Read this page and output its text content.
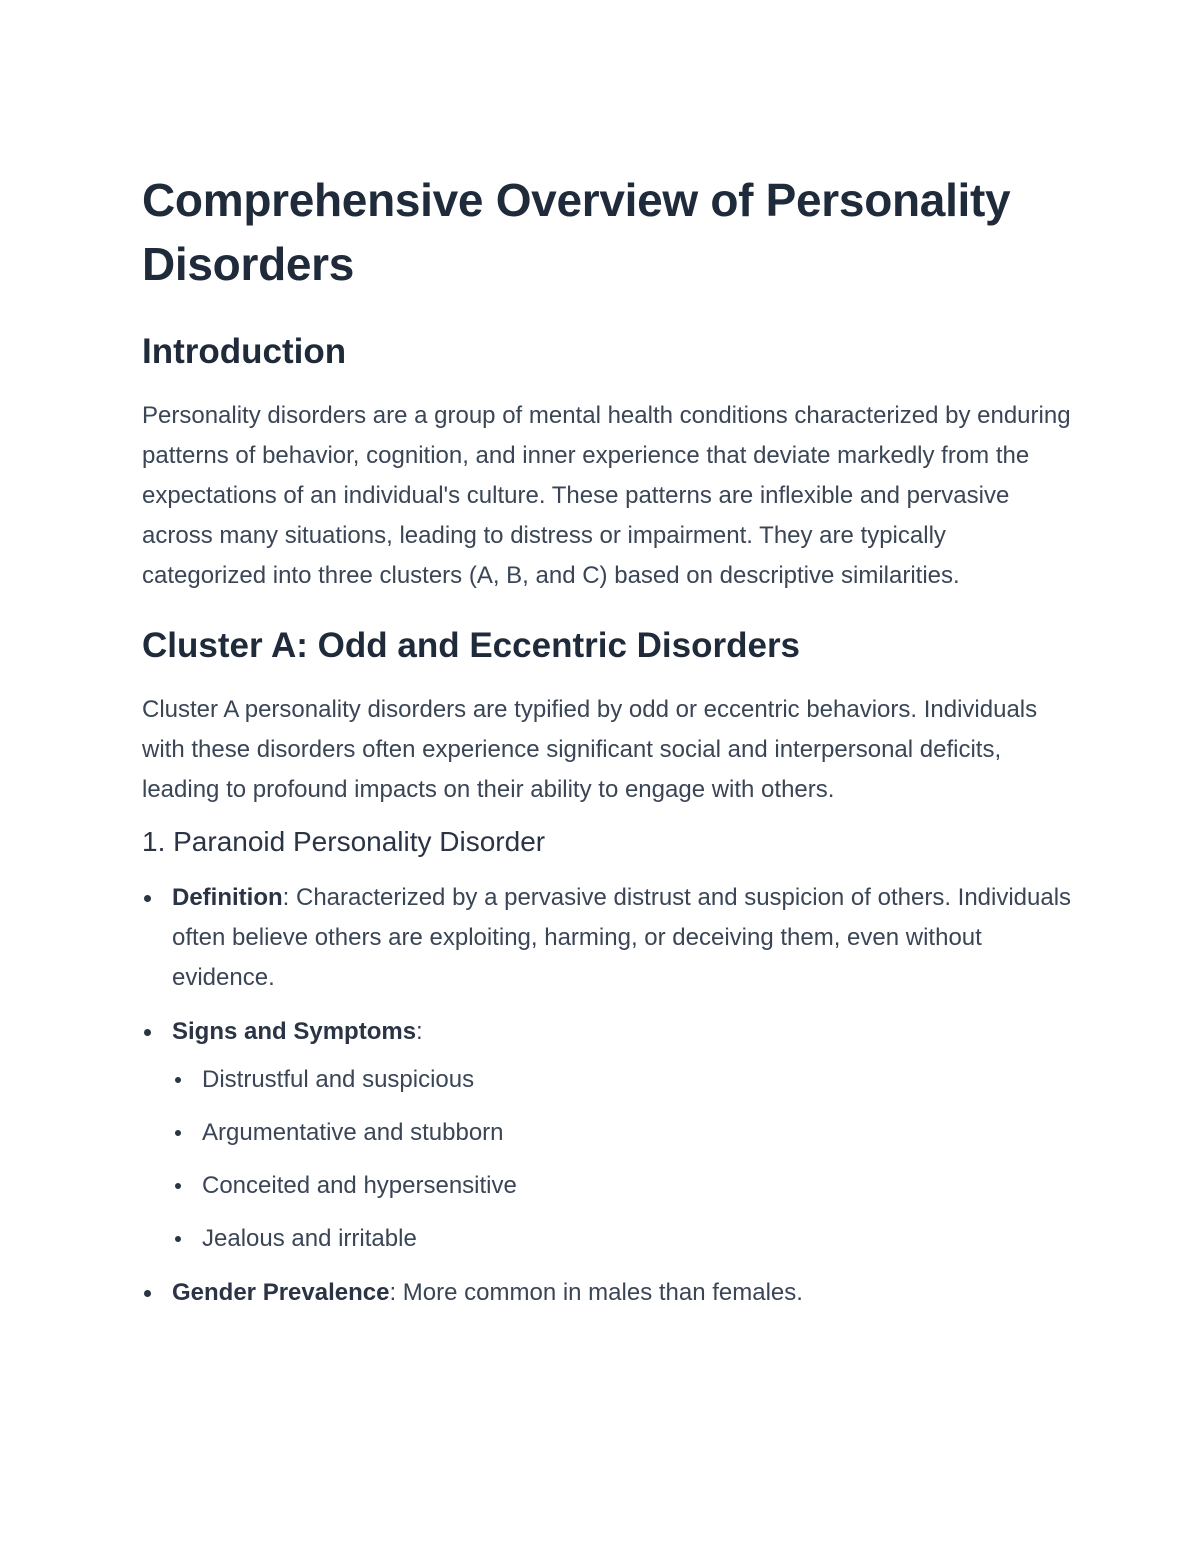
Comprehensive Overview of Personality Disorders
Introduction

Personality disorders are a group of mental health conditions characterized by enduring patterns of behavior, cognition, and inner experience that deviate markedly from the expectations of an individual's culture. These patterns are inflexible and pervasive across many situations, leading to distress or impairment. They are typically categorized into three clusters (A, B, and C) based on descriptive similarities.

Cluster A: Odd and Eccentric Disorders

Cluster A personality disorders are typified by odd or eccentric behaviors. Individuals with these disorders often experience significant social and interpersonal deficits, leading to profound impacts on their ability to engage with others.

1. Paranoid Personality Disorder
Definition: Characterized by a pervasive distrust and suspicion of others. Individuals often believe others are exploiting, harming, or deceiving them, even without evidence.
Signs and Symptoms:
Distrustful and suspicious
Argumentative and stubborn
Conceited and hypersensitive
Jealous and irritable
Gender Prevalence: More common in males than females.
